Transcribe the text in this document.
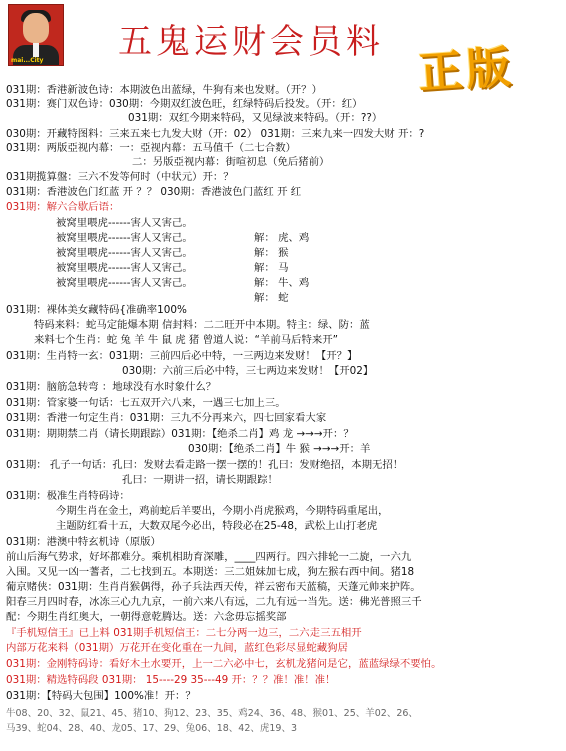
mai...City 五鬼运财会员料 正版
031期：香港新波色诗：本期波色出蓝绿，牛狗有来也发财。（开？）
031期：赛门双色诗：030期：今期双红波色旺，红绿特码后投发。（开：红）
031期：双红今期来特码，又见绿波来特码。（开：??）
030期：开藏特图料：三来五来七九发大财（开：02） 031期：三来九来一四发大财 开：?
031期：两版亞视内幕：一：亞视内幕：五马值千（二七合数）
二：另版亞视内幕：街喧初息（免后猪前）
031期揽算盤：三六不发等何时（中状元）开：？
031期：香港波色门红蓝 开 ？？ 030期：香港波色门蓝红 开 红
031期：解六合歇后语：
被窝里喂虎------害人又害己。
被窝里喂虎------害人又害己。
被窝里喂虎------害人又害己。
被窝里喂虎------害人又害己。
被窝里喂虎------害人又害己。
解： 虎、鸡
解： 猴
解： 马
解： 牛、鸡
解： 蛇
031期：裸体美女藏特码{准确率100%
特码来料：蛇马定能爆本期 信封料：二二旺开中本期。特主：绿、防：蓝
来料七个生肖：蛇 兔 羊 牛 鼠 虎 猪 曾道人说：“羊前马后特来开”
031期：生肖特一玄：031期：三前四后必中特，一三两边来发财！【开？】
030期：六前三后必中特，三七两边来发财！【开02】
031期：脑筋急转弯 ：地球没有水时象什么？
031期：管家婆一句话：七五双开六八来，一遇三七加上三。
031期：香港一句定生肖：031期：三九不分再来六，四七回家看大家
031期：期期禁二肖（请长期跟踪）031期：【绝杀二肖】鸡 龙 →→→开：？
030期：【绝杀二肖】牛 猴 →→→开：羊
031期： 孔子一句话：孔曰：发财去看走路一摆一摆的！孔曰：发财绝招，本期无招！
孔曰：一期讲一招，请长期跟踪！
031期：极准生肖特码诗：
今期生肖在金土，鸡前蛇后羊要出，今期小肖虎猴鸡，今期特码重尾出，
主题防红看十五，大数双尾今必出，特段必在25-48，武松上山打老虎
031期：港澳中特玄机诗（原版）
前山后海气势求，好坏都难分。乘机相助育深雕，____四两行。四六排轮一二旋，一六九
入围。又见一凶一蓍者，二七找到五。本期送：三二姐妹加七成，狗左猴右西中间。猪18
葡京赌侠：031期：生肖肖猴偶得，孙子兵法西天传，祥云密布天蓝稿，天蓬元帅来护阵。
阳春三月四时春，冰冻三心九九京，一前六来八有远，二九有远一当先。送：佛光普照三千
配：今期生肖红奥大，一朝得意乾腾达。送：六念毋忘摇奖部
『手机短信王』已上料 031期手机短信王：二七分两一边三，二六走三五相开
内部万花来料（031期）万花开在变化重在一九间，蓝红色彩尽显蛇藏狗居
031期：金刚特码诗：看好木土水要开，上一二六必中七，玄机龙猪问是它，蓝蓝绿绿不要怕。
031期：精选特码段 031期： 15----29 35---49 开：？？准！准！准！
031期：【特码大包围】100%准！开：？
牛08、20、32、鼠21、45、猪10、狗12、23、35、鸡24、36、48、猴01、25、羊02、26、
马39、蛇04、28、40、龙05、17、29、兔06、18、42、虎19、3
